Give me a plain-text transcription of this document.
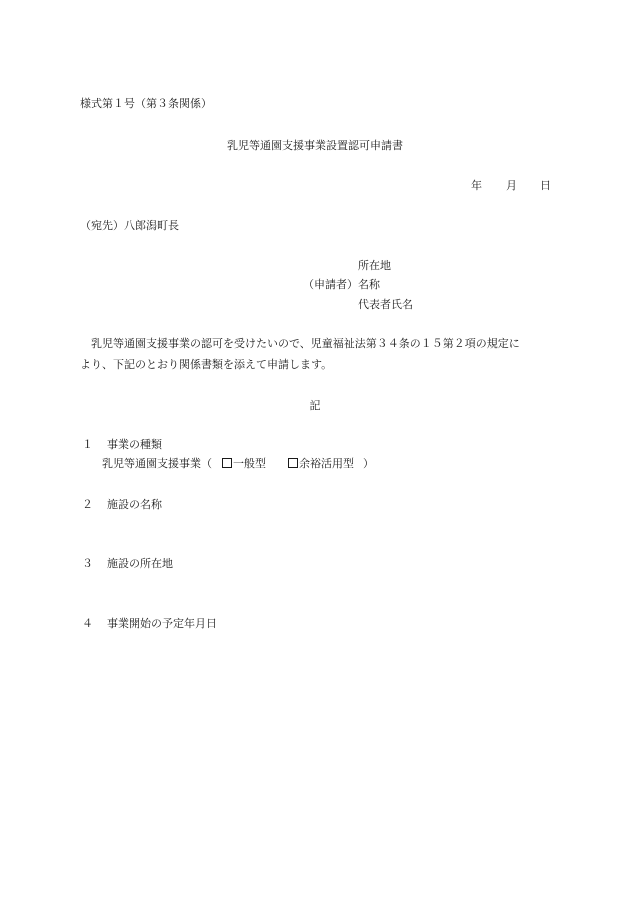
様式第１号（第３条関係）
乳児等通園支援事業設置認可申請書
年 月 日
（宛先）八郎潟町長
所在地
（申請者） 名称
代表者氏名
乳児等通園支援事業の認可を受けたいので、児童福祉法第３４条の１５第２項の規定に
より、下記のとおり関係書類を添えて申請します。
記
１ 事業の種類
乳児等通園支援事業（ 一般型	余裕活用型 ）
２ 施設の名称
３ 施設の所在地
４ 事業開始の予定年月日
